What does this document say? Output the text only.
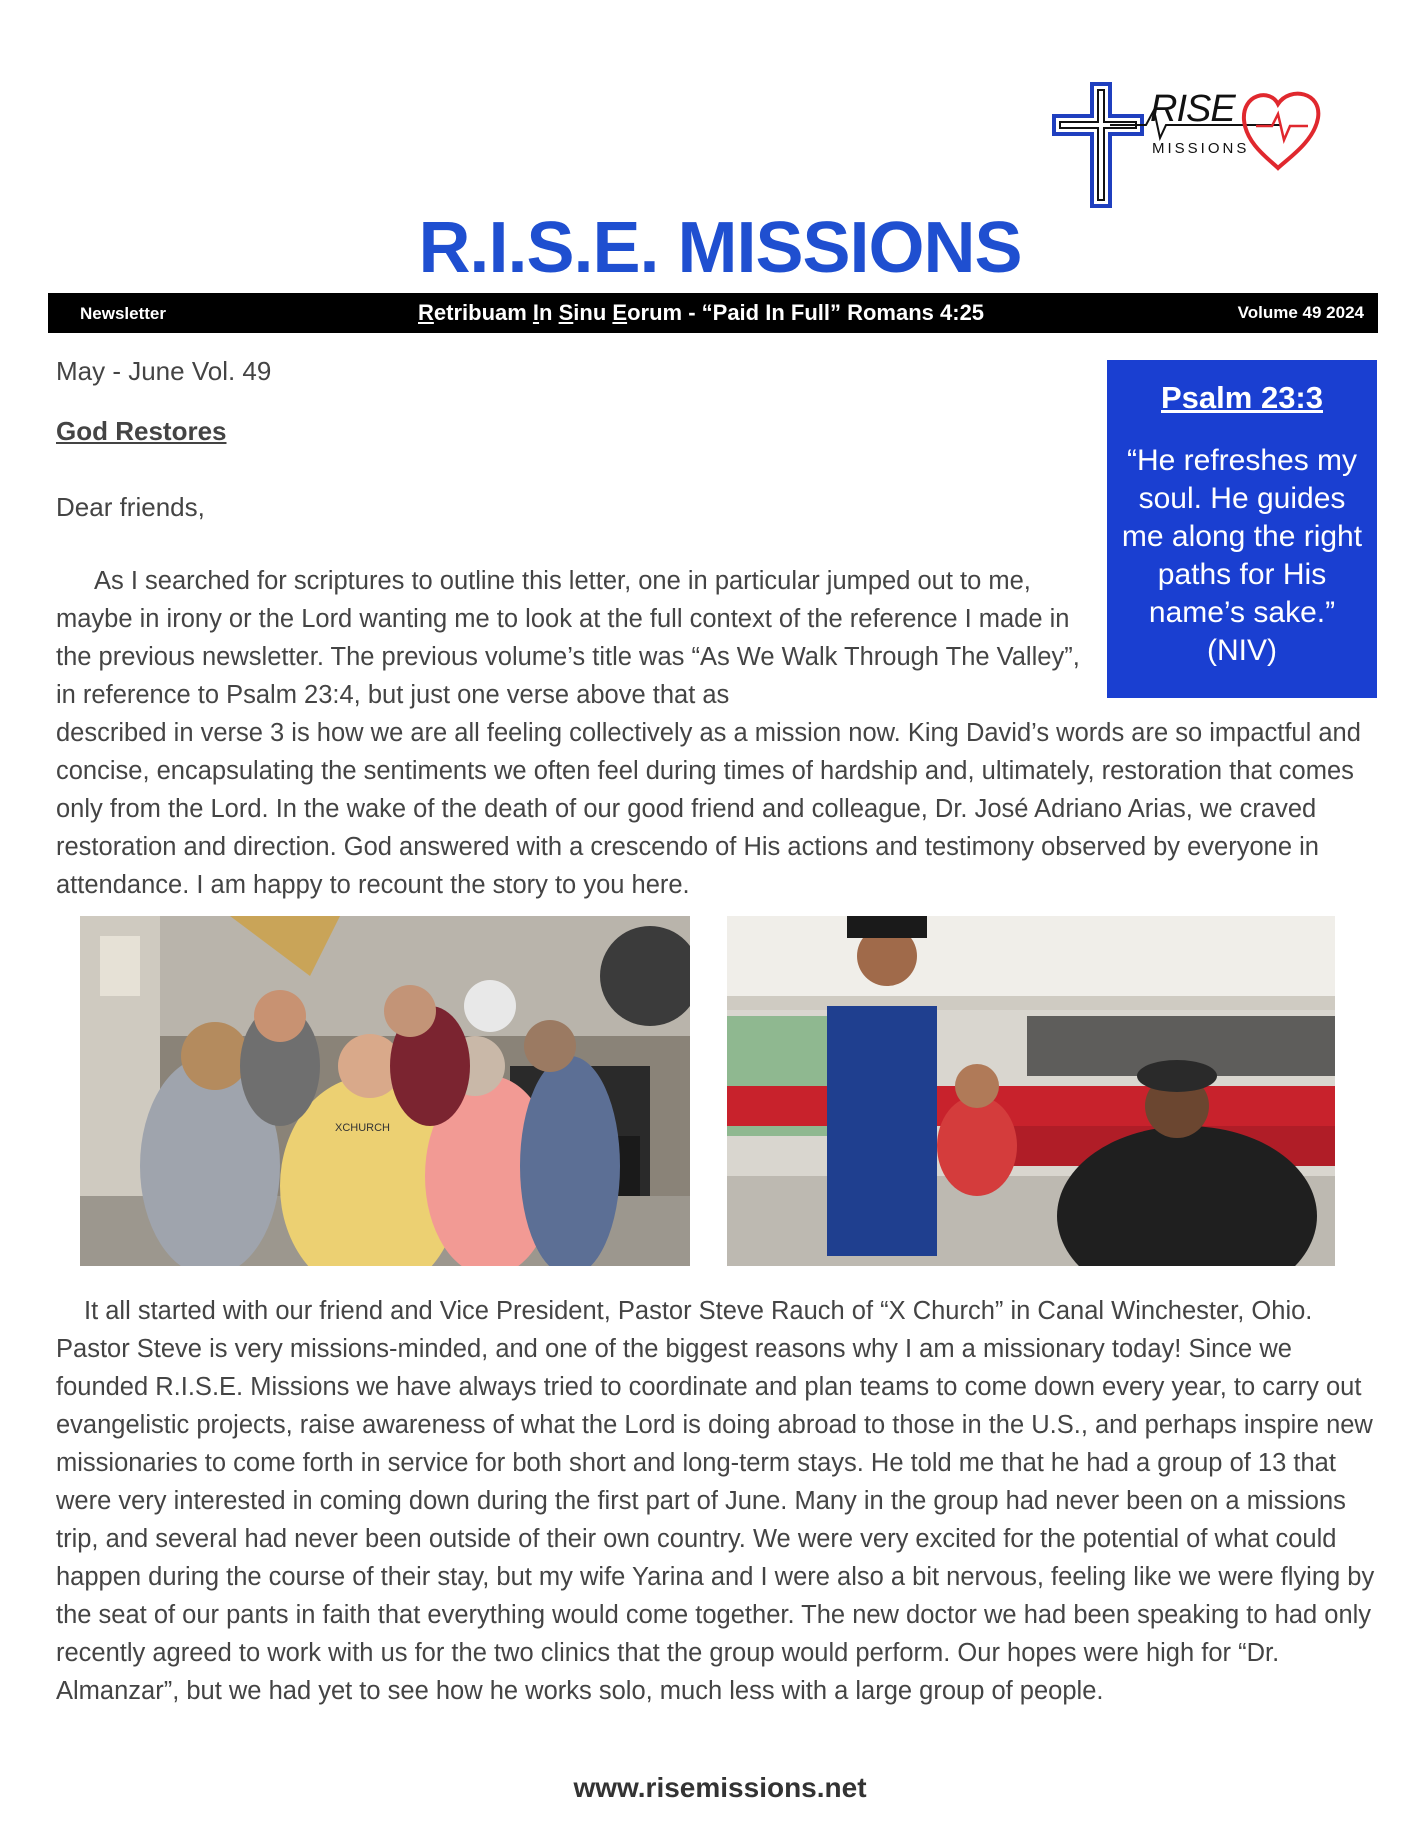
RISE
MISSIONS
R.I.S.E. MISSIONS
Newsletter	Retribuam In Sinu Eorum - “Paid In Full” Romans 4:25	Volume 49 2024
May - June Vol. 49
God Restores
Dear friends,

As I searched for scriptures to outline this letter, one in particular jumped out to me, maybe in irony or the Lord wanting me to look at the full context of the reference I made in the previous newsletter. The previous volume’s title was “As We Walk Through The Valley”, in reference to Psalm 23:4, but just one verse above that as

described in verse 3 is how we are all feeling collectively as a mission now. King David’s words are so impactful and concise, encapsulating the sentiments we often feel during times of hardship and, ultimately, restoration that comes only from the Lord. In the wake of the death of our good friend and colleague, Dr. José Adriano Arias, we craved restoration and direction. God answered with a crescendo of His actions and testimony observed by everyone in attendance. I am happy to recount the story to you here.

Psalm 23:3
“He refreshes my soul. He guides me along the right paths for His name’s sake.” (NIV)
XCHURCH

It all started with our friend and Vice President, Pastor Steve Rauch of “X Church” in Canal Winchester, Ohio. Pastor Steve is very missions-minded, and one of the biggest reasons why I am a missionary today! Since we founded R.I.S.E. Missions we have always tried to coordinate and plan teams to come down every year, to carry out evangelistic projects, raise awareness of what the Lord is doing abroad to those in the U.S., and perhaps inspire new missionaries to come forth in service for both short and long-term stays. He told me that he had a group of 13 that were very interested in coming down during the first part of June. Many in the group had never been on a missions trip, and several had never been outside of their own country. We were very excited for the potential of what could happen during the course of their stay, but my wife Yarina and I were also a bit nervous, feeling like we were flying by the seat of our pants in faith that everything would come together. The new doctor we had been speaking to had only recently agreed to work with us for the two clinics that the group would perform. Our hopes were high for “Dr. Almanzar”, but we had yet to see how he works solo, much less with a large group of people.

www.risemissions.net
